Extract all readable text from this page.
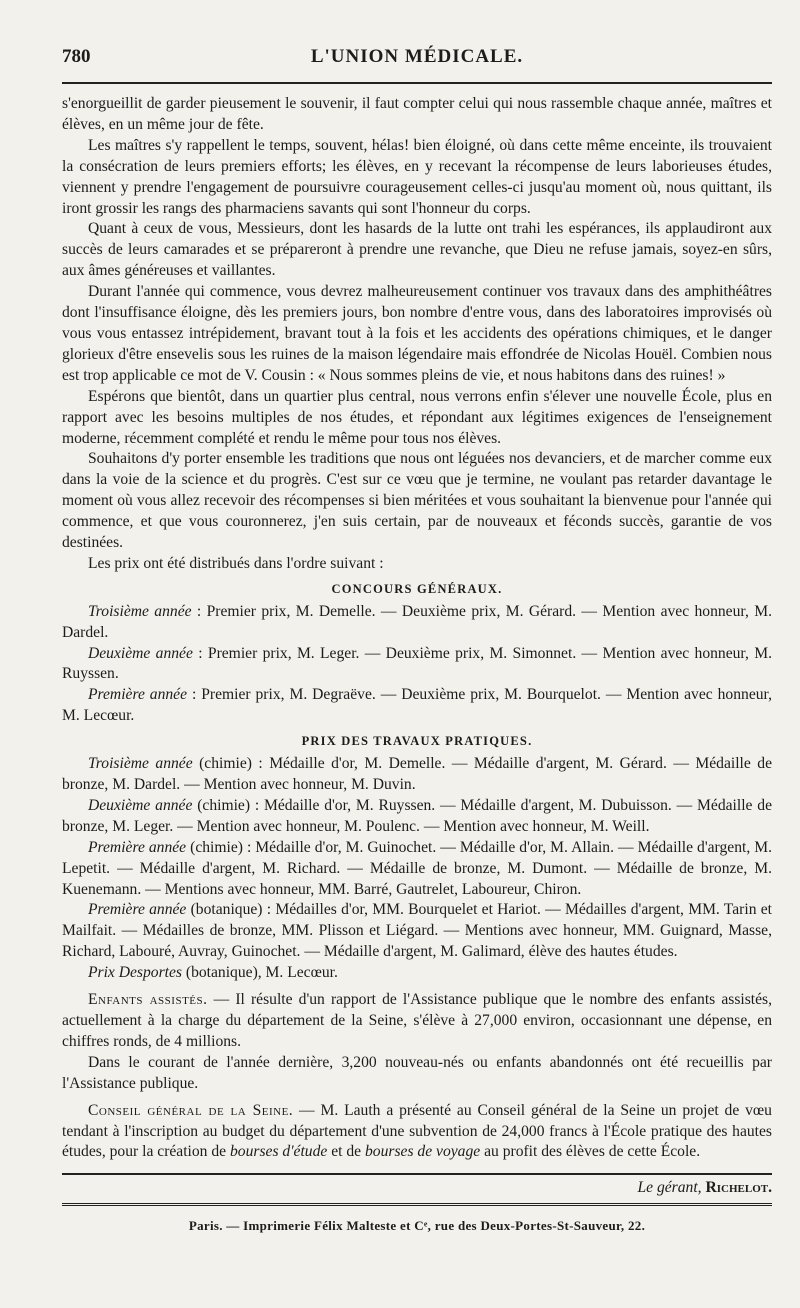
780	L'UNION MÉDICALE.

s'enorgueillit de garder pieusement le souvenir, il faut compter celui qui nous rassemble chaque année, maîtres et élèves, en un même jour de fête.

Les maîtres s'y rappellent le temps, souvent, hélas! bien éloigné, où dans cette même enceinte, ils trouvaient la consécration de leurs premiers efforts; les élèves, en y recevant la récompense de leurs laborieuses études, viennent y prendre l'engagement de poursuivre courageusement celles-ci jusqu'au moment où, nous quittant, ils iront grossir les rangs des pharmaciens savants qui sont l'honneur du corps.

Quant à ceux de vous, Messieurs, dont les hasards de la lutte ont trahi les espérances, ils applaudiront aux succès de leurs camarades et se prépareront à prendre une revanche, que Dieu ne refuse jamais, soyez-en sûrs, aux âmes généreuses et vaillantes.

Durant l'année qui commence, vous devrez malheureusement continuer vos travaux dans des amphithéâtres dont l'insuffisance éloigne, dès les premiers jours, bon nombre d'entre vous, dans des laboratoires improvisés où vous vous entassez intrépidement, bravant tout à la fois et les accidents des opérations chimiques, et le danger glorieux d'être ensevelis sous les ruines de la maison légendaire mais effondrée de Nicolas Houël. Combien nous est trop applicable ce mot de V. Cousin : « Nous sommes pleins de vie, et nous habitons dans des ruines! »

Espérons que bientôt, dans un quartier plus central, nous verrons enfin s'élever une nouvelle École, plus en rapport avec les besoins multiples de nos études, et répondant aux légitimes exigences de l'enseignement moderne, récemment complété et rendu le même pour tous nos élèves.

Souhaitons d'y porter ensemble les traditions que nous ont léguées nos devanciers, et de marcher comme eux dans la voie de la science et du progrès. C'est sur ce vœu que je termine, ne voulant pas retarder davantage le moment où vous allez recevoir des récompenses si bien méritées et vous souhaitant la bienvenue pour l'année qui commence, et que vous couronnerez, j'en suis certain, par de nouveaux et féconds succès, garantie de vos destinées.

Les prix ont été distribués dans l'ordre suivant :

CONCOURS GÉNÉRAUX.

Troisième année : Premier prix, M. Demelle. — Deuxième prix, M. Gérard. — Mention avec honneur, M. Dardel.

Deuxième année : Premier prix, M. Leger. — Deuxième prix, M. Simonnet. — Mention avec honneur, M. Ruyssen.

Première année : Premier prix, M. Degraëve. — Deuxième prix, M. Bourquelot. — Mention avec honneur, M. Lecœur.

PRIX DES TRAVAUX PRATIQUES.

Troisième année (chimie) : Médaille d'or, M. Demelle. — Médaille d'argent, M. Gérard. — Médaille de bronze, M. Dardel. — Mention avec honneur, M. Duvin.

Deuxième année (chimie) : Médaille d'or, M. Ruyssen. — Médaille d'argent, M. Dubuisson. — Médaille de bronze, M. Leger. — Mention avec honneur, M. Poulenc. — Mention avec honneur, M. Weill.

Première année (chimie) : Médaille d'or, M. Guinochet. — Médaille d'or, M. Allain. — Médaille d'argent, M. Lepetit. — Médaille d'argent, M. Richard. — Médaille de bronze, M. Dumont. — Médaille de bronze, M. Kuenemann. — Mentions avec honneur, MM. Barré, Gautrelet, Laboureur, Chiron.

Première année (botanique) : Médailles d'or, MM. Bourquelet et Hariot. — Médailles d'argent, MM. Tarin et Mailfait. — Médailles de bronze, MM. Plisson et Liégard. — Mentions avec honneur, MM. Guignard, Masse, Richard, Labouré, Auvray, Guinochet. — Médaille d'argent, M. Galimard, élève des hautes études.

Prix Desportes (botanique), M. Lecœur.

Enfants assistés. — Il résulte d'un rapport de l'Assistance publique que le nombre des enfants assistés, actuellement à la charge du département de la Seine, s'élève à 27,000 environ, occasionnant une dépense, en chiffres ronds, de 4 millions.

Dans le courant de l'année dernière, 3,200 nouveau-nés ou enfants abandonnés ont été recueillis par l'Assistance publique.

Conseil général de la Seine. — M. Lauth a présenté au Conseil général de la Seine un projet de vœu tendant à l'inscription au budget du département d'une subvention de 24,000 francs à l'École pratique des hautes études, pour la création de bourses d'étude et de bourses de voyage au profit des élèves de cette École.

Le gérant, Richelot.
Paris. — Imprimerie Félix Malteste et Cᵉ, rue des Deux-Portes-St-Sauveur, 22.
